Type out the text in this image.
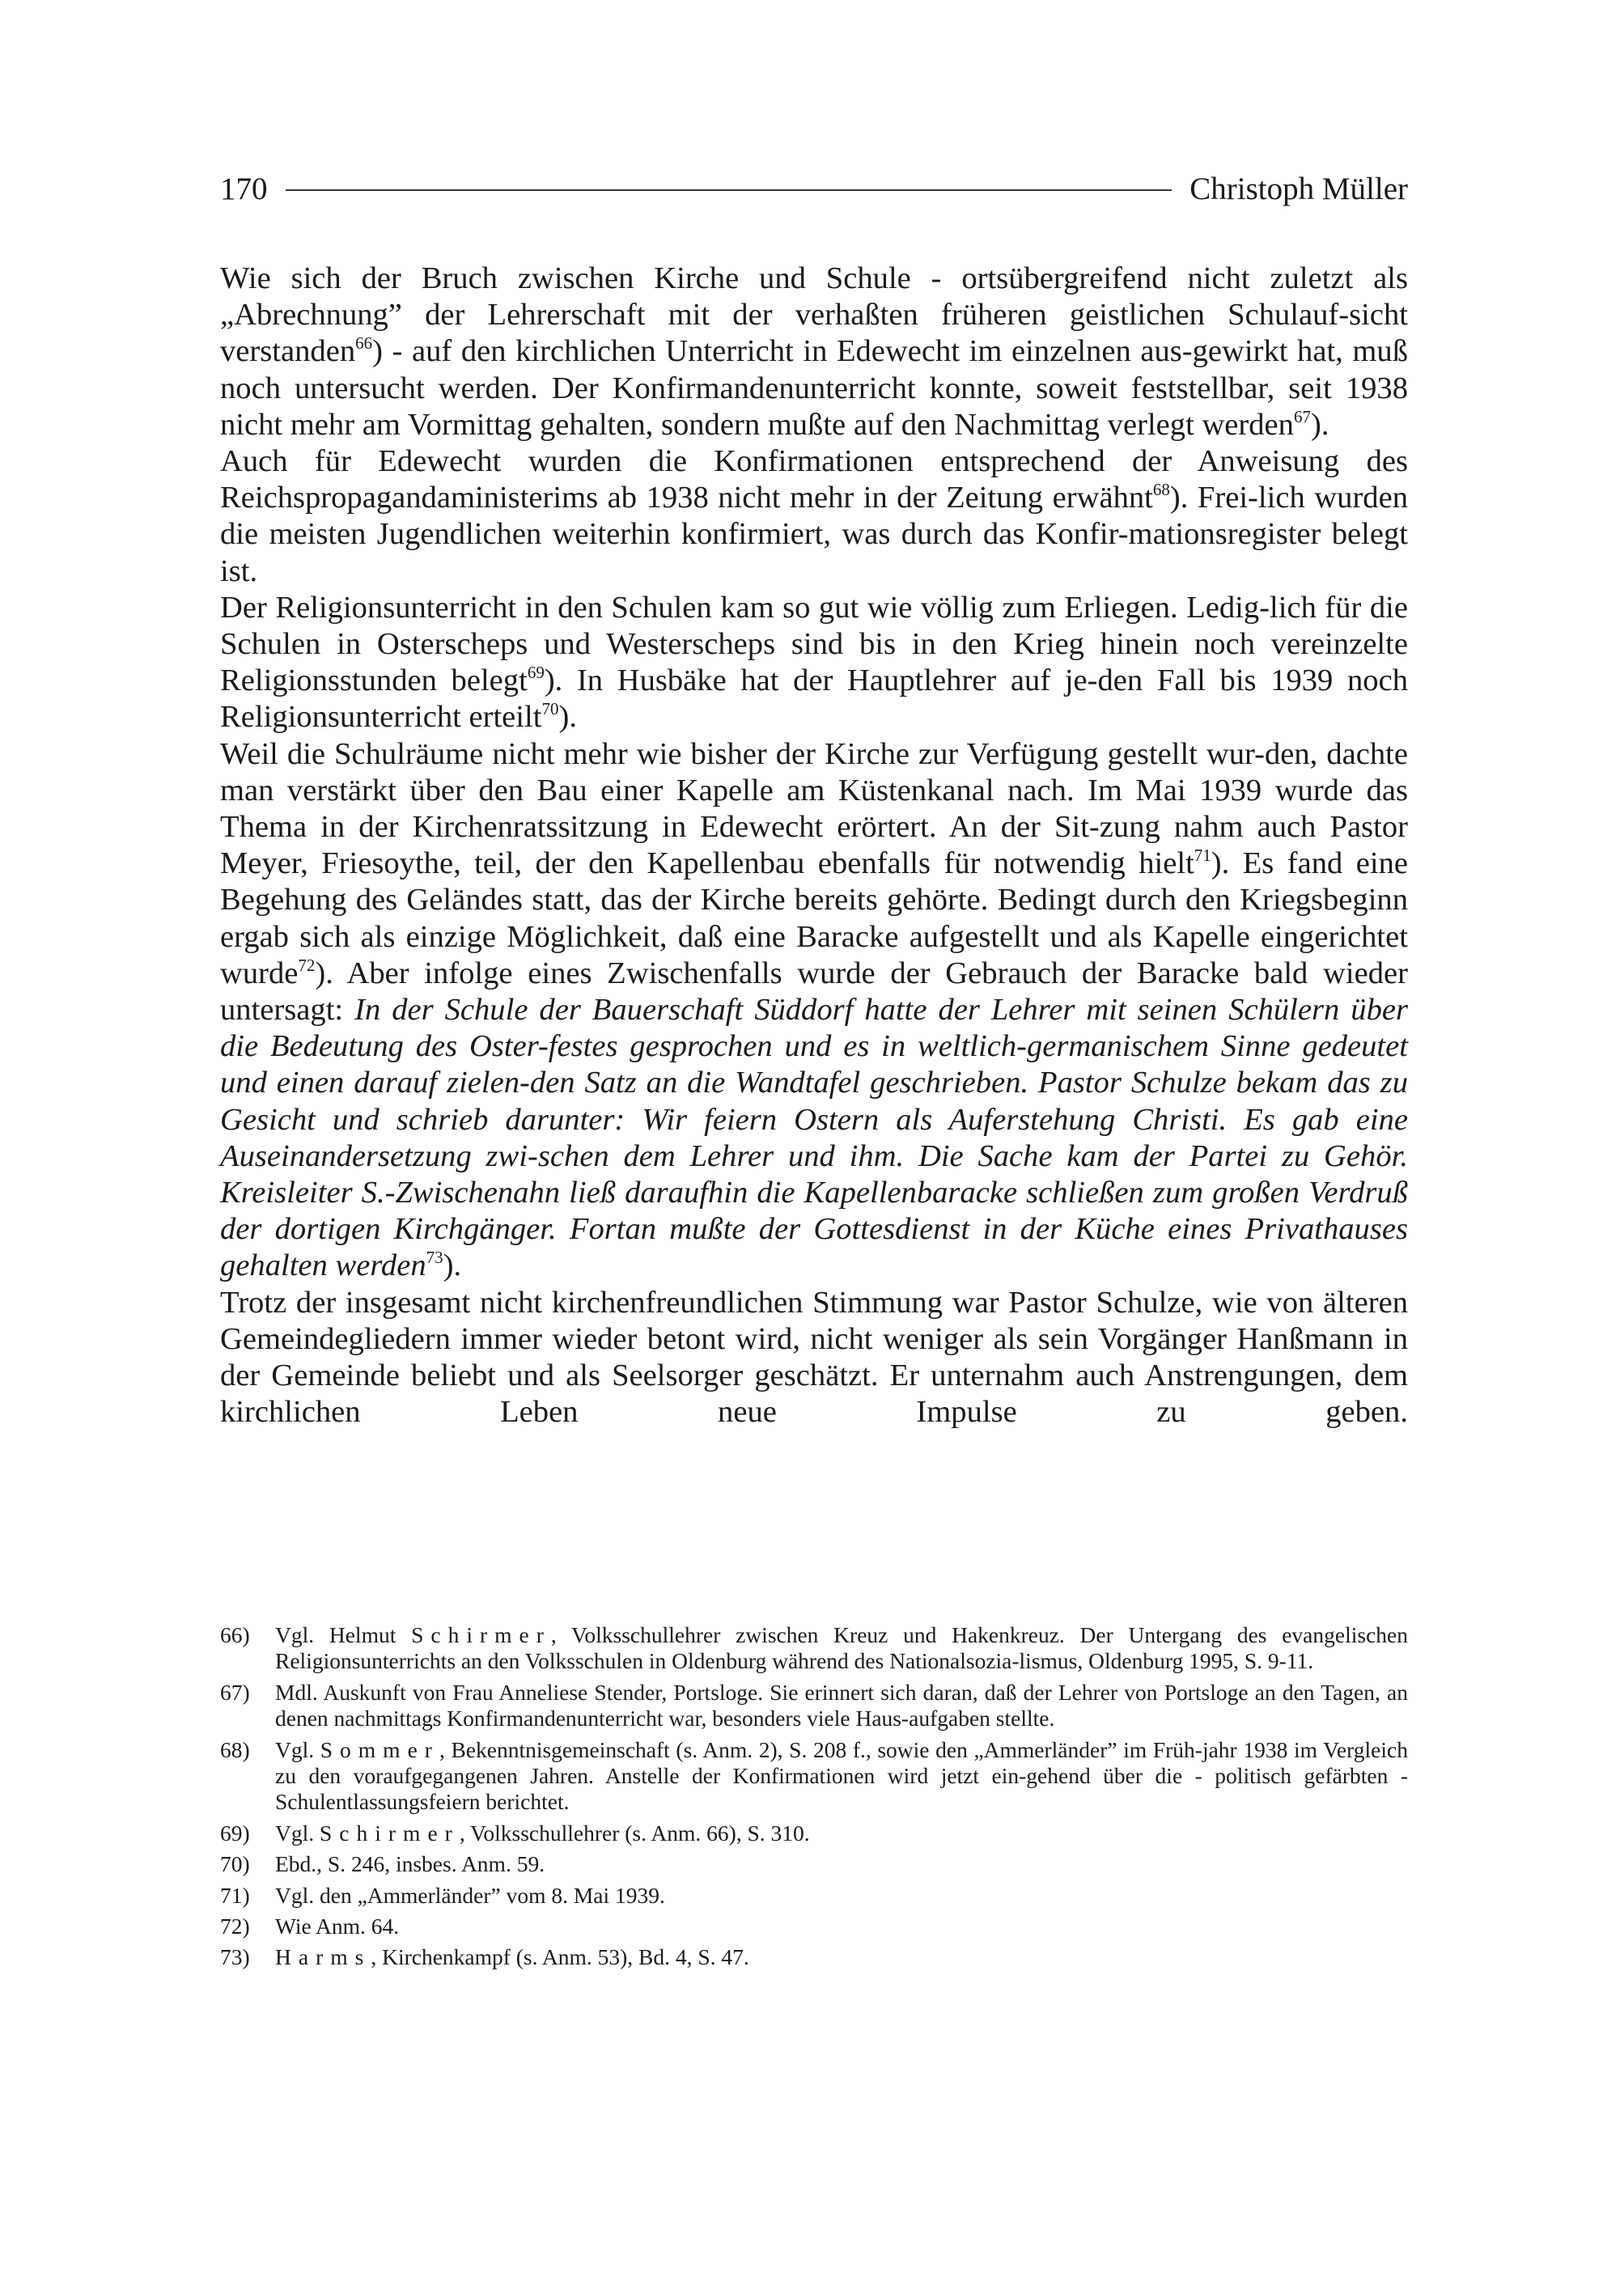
170	Christoph Müller

Wie sich der Bruch zwischen Kirche und Schule - ortsübergreifend nicht zuletzt als „Abrechnung” der Lehrerschaft mit der verhaßten früheren geistlichen Schulauf-sicht verstanden$^{66}$) - auf den kirchlichen Unterricht in Edewecht im einzelnen aus-gewirkt hat, muß noch untersucht werden. Der Konfirmandenunterricht konnte, soweit feststellbar, seit 1938 nicht mehr am Vormittag gehalten, sondern mußte auf den Nachmittag verlegt werden$^{67}$).

Auch für Edewecht wurden die Konfirmationen entsprechend der Anweisung des Reichspropagandaministerims ab 1938 nicht mehr in der Zeitung erwähnt$^{68}$). Frei-lich wurden die meisten Jugendlichen weiterhin konfirmiert, was durch das Konfir-mationsregister belegt ist.

Der Religionsunterricht in den Schulen kam so gut wie völlig zum Erliegen. Ledig-lich für die Schulen in Osterscheps und Westerscheps sind bis in den Krieg hinein noch vereinzelte Religionsstunden belegt$^{69}$). In Husbäke hat der Hauptlehrer auf je-den Fall bis 1939 noch Religionsunterricht erteilt$^{70}$).

Weil die Schulräume nicht mehr wie bisher der Kirche zur Verfügung gestellt wur-den, dachte man verstärkt über den Bau einer Kapelle am Küstenkanal nach. Im Mai 1939 wurde das Thema in der Kirchenratssitzung in Edewecht erörtert. An der Sit-zung nahm auch Pastor Meyer, Friesoythe, teil, der den Kapellenbau ebenfalls für notwendig hielt$^{71}$). Es fand eine Begehung des Geländes statt, das der Kirche bereits gehörte. Bedingt durch den Kriegsbeginn ergab sich als einzige Möglichkeit, daß eine Baracke aufgestellt und als Kapelle eingerichtet wurde$^{72}$). Aber infolge eines Zwischenfalls wurde der Gebrauch der Baracke bald wieder untersagt: In der Schule der Bauerschaft Süddorf hatte der Lehrer mit seinen Schülern über die Bedeutung des Oster-festes gesprochen und es in weltlich-germanischem Sinne gedeutet und einen darauf zielen-den Satz an die Wandtafel geschrieben. Pastor Schulze bekam das zu Gesicht und schrieb darunter: Wir feiern Ostern als Auferstehung Christi. Es gab eine Auseinandersetzung zwi-schen dem Lehrer und ihm. Die Sache kam der Partei zu Gehör. Kreisleiter S.-Zwischenahn ließ daraufhin die Kapellenbaracke schließen zum großen Verdruß der dortigen Kirchgänger. Fortan mußte der Gottesdienst in der Küche eines Privathauses gehalten werden$^{73}$).

Trotz der insgesamt nicht kirchenfreundlichen Stimmung war Pastor Schulze, wie von älteren Gemeindegliedern immer wieder betont wird, nicht weniger als sein Vorgänger Hanßmann in der Gemeinde beliebt und als Seelsorger geschätzt. Er unternahm auch Anstrengungen, dem kirchlichen Leben neue Impulse zu geben.

66)	Vgl. Helmut Schirmer, Volksschullehrer zwischen Kreuz und Hakenkreuz. Der Untergang des evangelischen Religionsunterrichts an den Volksschulen in Oldenburg während des Nationalsozia-lismus, Oldenburg 1995, S. 9-11.
67)	Mdl. Auskunft von Frau Anneliese Stender, Portsloge. Sie erinnert sich daran, daß der Lehrer von Portsloge an den Tagen, an denen nachmittags Konfirmandenunterricht war, besonders viele Haus-aufgaben stellte.
68)	Vgl. Sommer, Bekenntnisgemeinschaft (s. Anm. 2), S. 208 f., sowie den „Ammerländer” im Früh-jahr 1938 im Vergleich zu den voraufgegangenen Jahren. Anstelle der Konfirmationen wird jetzt ein-gehend über die - politisch gefärbten - Schulentlassungsfeiern berichtet.
69)	Vgl. Schirmer, Volksschullehrer (s. Anm. 66), S. 310.
70)	Ebd., S. 246, insbes. Anm. 59.
71)	Vgl. den „Ammerländer” vom 8. Mai 1939.
72)	Wie Anm. 64.
73)	Harms, Kirchenkampf (s. Anm. 53), Bd. 4, S. 47.
